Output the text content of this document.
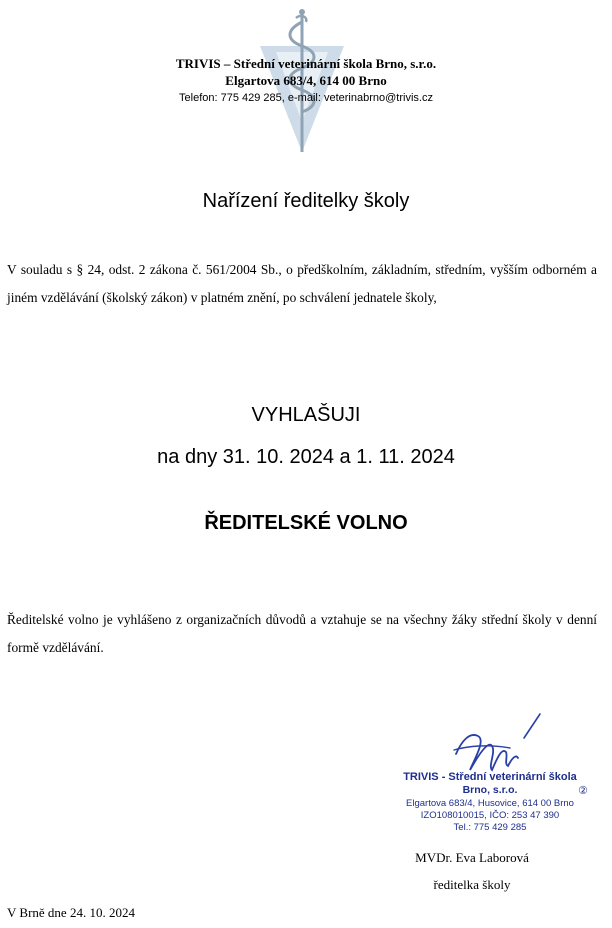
TRIVIS – Střední veterinární škola Brno, s.r.o.
Elgartova 683/4, 614 00 Brno
Telefon: 775 429 285, e-mail: veterinabrno@trivis.cz
Nařízení ředitelky školy
V souladu s § 24, odst. 2 zákona č. 561/2004 Sb., o předškolním, základním, středním, vyšším odborném a jiném vzdělávání (školský zákon) v platném znění, po schválení jednatele školy,
VYHLAŠUJI
na dny 31. 10. 2024 a 1. 11. 2024
ŘEDITELSKÉ VOLNO
Ředitelské volno je vyhlášeno z organizačních důvodů a vztahuje se na všechny žáky střední školy v denní formě vzdělávání.
TRIVIS - Střední veterinární škola
Brno, s.r.o.	②
Elgartova 683/4, Husovice, 614 00 Brno
IZO108010015, IČO: 253 47 390
Tel.: 775 429 285
MVDr. Eva Laborová
ředitelka školy
V Brně dne 24. 10. 2024
